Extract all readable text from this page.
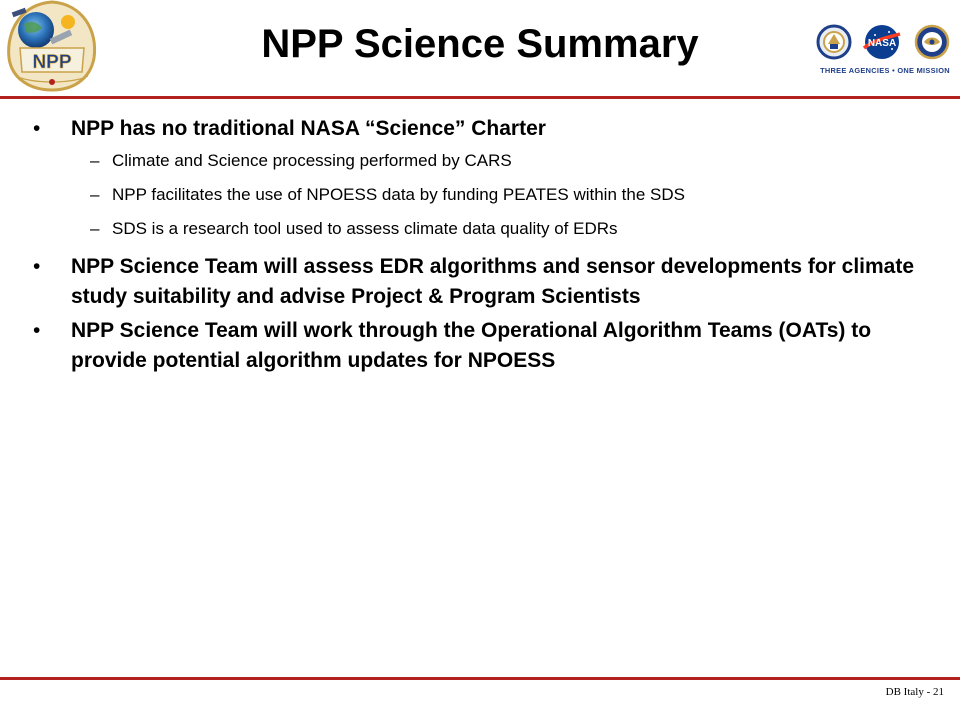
NPP	NPP Science Summary	NASA
THREE AGENCIES • ONE MISSION
• NPP has no traditional NASA “Science” Charter
– Climate and Science processing performed by CARS
– NPP facilitates the use of NPOESS data by funding PEATES within the SDS
– SDS is a research tool used to assess climate data quality of EDRs
• NPP Science Team will assess EDR algorithms and sensor developments for climate study suitability and advise Project & Program Scientists
• NPP Science Team will work through the Operational Algorithm Teams (OATs) to provide potential algorithm updates for NPOESS
DB Italy - 21
